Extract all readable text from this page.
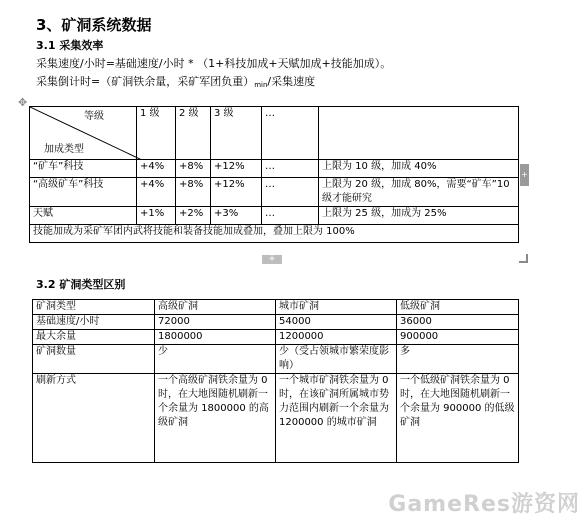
3、矿洞系统数据
3.1 采集效率
采集速度/小时=基础速度/小时 * （1+科技加成+天赋加成+技能加成）。
采集倒计时=（矿洞铁余量，采矿军团负重）$_{min}/$采集速度
✥
等级
加成类型	1 级	2 级	3 级	…	
“矿车”科技	+4%	+8%	+12%	…	上限为 10 级，加成 40%
“高级矿车”科技	+4%	+8%	+12%	…	上限为 20 级，加成 80%，需要“矿车”10 级才能研究
天赋	+1%	+2%	+3%	…	上限为 25 级，加成为 25%
技能加成为采矿军团内武将技能和装备技能加成叠加，叠加上限为 100%					
+
+
3.2 矿洞类型区别
矿洞类型	高级矿洞	城市矿洞	低级矿洞
基础速度/小时	72000	54000	36000
最大余量	1800000	1200000	900000
矿洞数量	少	少（受占领城市繁荣度影响）	多
刷新方式	一个高级矿洞铁余量为 0 时，在大地图随机刷新一个余量为 1800000 的高级矿洞	一个城市矿洞铁余量为 0 时，在该矿洞所属城市势力范围内刷新一个余量为 1200000 的城市矿洞	一个低级矿洞铁余量为 0 时，在大地图随机刷新一个余量为 900000 的低级矿洞
GameRes游资网
